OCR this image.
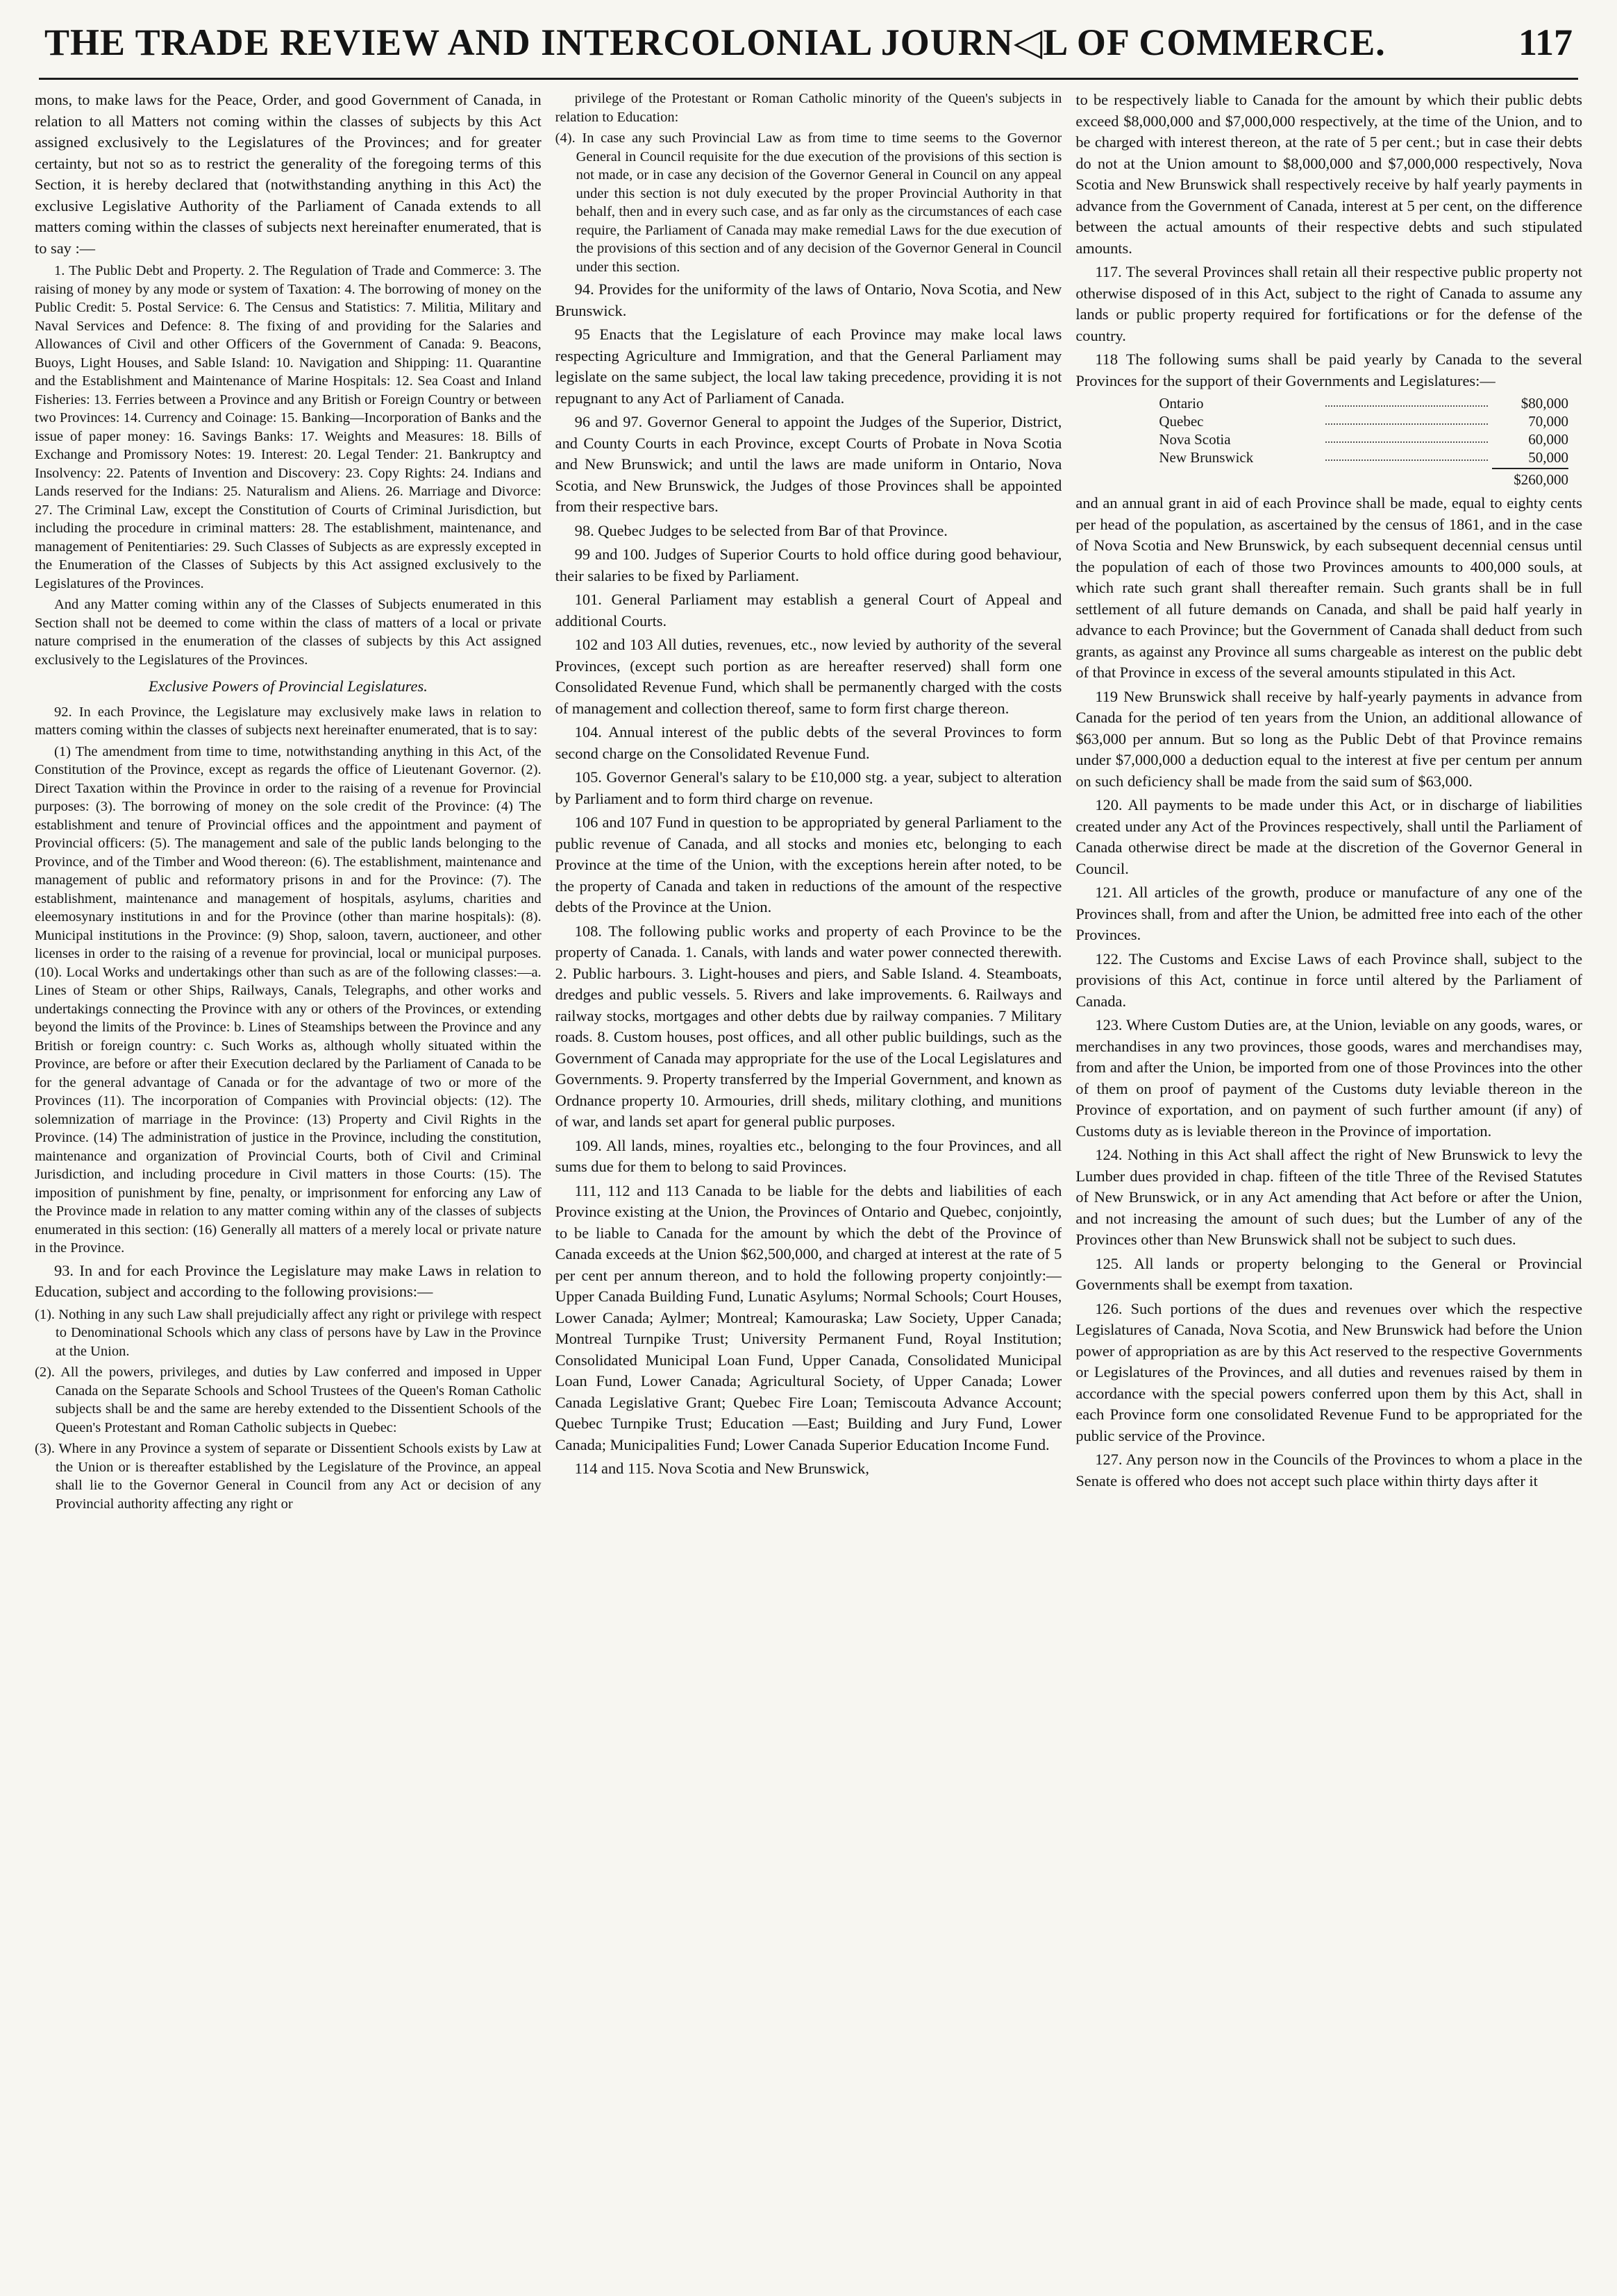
THE TRADE REVIEW AND INTERCOLONIAL JOURN◁L OF COMMERCE.	117

mons, to make laws for the Peace, Order, and good Government of Canada, in relation to all Matters not coming within the classes of subjects by this Act assigned exclusively to the Legislatures of the Provinces; and for greater certainty, but not so as to restrict the generality of the foregoing terms of this Section, it is hereby declared that (notwithstanding anything in this Act) the exclusive Legislative Authority of the Parliament of Canada extends to all matters coming within the classes of subjects next hereinafter enumerated, that is to say :—

1. The Public Debt and Property. 2. The Regulation of Trade and Commerce: 3. The raising of money by any mode or system of Taxation: 4. The borrowing of money on the Public Credit: 5. Postal Service: 6. The Census and Statistics: 7. Militia, Military and Naval Services and Defence: 8. The fixing of and providing for the Salaries and Allowances of Civil and other Officers of the Government of Canada: 9. Beacons, Buoys, Light Houses, and Sable Island: 10. Navigation and Shipping: 11. Quarantine and the Establishment and Maintenance of Marine Hospitals: 12. Sea Coast and Inland Fisheries: 13. Ferries between a Province and any British or Foreign Country or between two Provinces: 14. Currency and Coinage: 15. Banking—Incorporation of Banks and the issue of paper money: 16. Savings Banks: 17. Weights and Measures: 18. Bills of Exchange and Promissory Notes: 19. Interest: 20. Legal Tender: 21. Bankruptcy and Insolvency: 22. Patents of Invention and Discovery: 23. Copy Rights: 24. Indians and Lands reserved for the Indians: 25. Naturalism and Aliens. 26. Marriage and Divorce: 27. The Criminal Law, except the Constitution of Courts of Criminal Jurisdiction, but including the procedure in criminal matters: 28. The establishment, maintenance, and management of Penitentiaries: 29. Such Classes of Subjects as are expressly excepted in the Enumeration of the Classes of Subjects by this Act assigned exclusively to the Legislatures of the Provinces.

And any Matter coming within any of the Classes of Subjects enumerated in this Section shall not be deemed to come within the class of matters of a local or private nature comprised in the enumeration of the classes of subjects by this Act assigned exclusively to the Legislatures of the Provinces.

Exclusive Powers of Provincial Legislatures.

92. In each Province, the Legislature may exclusively make laws in relation to matters coming within the classes of subjects next hereinafter enumerated, that is to say:

(1) The amendment from time to time, notwithstanding anything in this Act, of the Constitution of the Province, except as regards the office of Lieutenant Governor. (2). Direct Taxation within the Province in order to the raising of a revenue for Provincial purposes: (3). The borrowing of money on the sole credit of the Province: (4) The establishment and tenure of Provincial offices and the appointment and payment of Provincial officers: (5). The management and sale of the public lands belonging to the Province, and of the Timber and Wood thereon: (6). The establishment, maintenance and management of public and reformatory prisons in and for the Province: (7). The establishment, maintenance and management of hospitals, asylums, charities and eleemosynary institutions in and for the Province (other than marine hospitals): (8). Municipal institutions in the Province: (9) Shop, saloon, tavern, auctioneer, and other licenses in order to the raising of a revenue for provincial, local or municipal purposes. (10). Local Works and undertakings other than such as are of the following classes:—a. Lines of Steam or other Ships, Railways, Canals, Telegraphs, and other works and undertakings connecting the Province with any or others of the Provinces, or extending beyond the limits of the Province: b. Lines of Steamships between the Province and any British or foreign country: c. Such Works as, although wholly situated within the Province, are before or after their Execution declared by the Parliament of Canada to be for the general advantage of Canada or for the advantage of two or more of the Provinces (11). The incorporation of Companies with Provincial objects: (12). The solemnization of marriage in the Province: (13) Property and Civil Rights in the Province. (14) The administration of justice in the Province, including the constitution, maintenance and organization of Provincial Courts, both of Civil and Criminal Jurisdiction, and including procedure in Civil matters in those Courts: (15). The imposition of punishment by fine, penalty, or imprisonment for enforcing any Law of the Province made in relation to any matter coming within any of the classes of subjects enumerated in this section: (16) Generally all matters of a merely local or private nature in the Province.

93. In and for each Province the Legislature may make Laws in relation to Education, subject and according to the following provisions:—

(1). Nothing in any such Law shall prejudicially affect any right or privilege with respect to Denominational Schools which any class of persons have by Law in the Province at the Union.

(2). All the powers, privileges, and duties by Law conferred and imposed in Upper Canada on the Separate Schools and School Trustees of the Queen's Roman Catholic subjects shall be and the same are hereby extended to the Dissentient Schools of the Queen's Protestant and Roman Catholic subjects in Quebec:

(3). Where in any Province a system of separate or Dissentient Schools exists by Law at the Union or is thereafter established by the Legislature of the Province, an appeal shall lie to the Governor General in Council from any Act or decision of any Provincial authority affecting any right or

privilege of the Protestant or Roman Catholic minority of the Queen's subjects in relation to Education:

(4). In case any such Provincial Law as from time to time seems to the Governor General in Council requisite for the due execution of the provisions of this section is not made, or in case any decision of the Governor General in Council on any appeal under this section is not duly executed by the proper Provincial Authority in that behalf, then and in every such case, and as far only as the circumstances of each case require, the Parliament of Canada may make remedial Laws for the due execution of the provisions of this section and of any decision of the Governor General in Council under this section.

94. Provides for the uniformity of the laws of Ontario, Nova Scotia, and New Brunswick.

95 Enacts that the Legislature of each Province may make local laws respecting Agriculture and Immigration, and that the General Parliament may legislate on the same subject, the local law taking precedence, providing it is not repugnant to any Act of Parliament of Canada.

96 and 97. Governor General to appoint the Judges of the Superior, District, and County Courts in each Province, except Courts of Probate in Nova Scotia and New Brunswick; and until the laws are made uniform in Ontario, Nova Scotia, and New Brunswick, the Judges of those Provinces shall be appointed from their respective bars.

98. Quebec Judges to be selected from Bar of that Province.

99 and 100. Judges of Superior Courts to hold office during good behaviour, their salaries to be fixed by Parliament.

101. General Parliament may establish a general Court of Appeal and additional Courts.

102 and 103 All duties, revenues, etc., now levied by authority of the several Provinces, (except such portion as are hereafter reserved) shall form one Consolidated Revenue Fund, which shall be permanently charged with the costs of management and collection thereof, same to form first charge thereon.

104. Annual interest of the public debts of the several Provinces to form second charge on the Consolidated Revenue Fund.

105. Governor General's salary to be £10,000 stg. a year, subject to alteration by Parliament and to form third charge on revenue.

106 and 107 Fund in question to be appropriated by general Parliament to the public revenue of Canada, and all stocks and monies etc, belonging to each Province at the time of the Union, with the exceptions herein after noted, to be the property of Canada and taken in reductions of the amount of the respective debts of the Province at the Union.

108. The following public works and property of each Province to be the property of Canada. 1. Canals, with lands and water power connected therewith. 2. Public harbours. 3. Light-houses and piers, and Sable Island. 4. Steamboats, dredges and public vessels. 5. Rivers and lake improvements. 6. Railways and railway stocks, mortgages and other debts due by railway companies. 7 Military roads. 8. Custom houses, post offices, and all other public buildings, such as the Government of Canada may appropriate for the use of the Local Legislatures and Governments. 9. Property transferred by the Imperial Government, and known as Ordnance property 10. Armouries, drill sheds, military clothing, and munitions of war, and lands set apart for general public purposes.

109. All lands, mines, royalties etc., belonging to the four Provinces, and all sums due for them to belong to said Provinces.

111, 112 and 113 Canada to be liable for the debts and liabilities of each Province existing at the Union, the Provinces of Ontario and Quebec, conjointly, to be liable to Canada for the amount by which the debt of the Province of Canada exceeds at the Union $62,500,000, and charged at interest at the rate of 5 per cent per annum thereon, and to hold the following property conjointly:—Upper Canada Building Fund, Lunatic Asylums; Normal Schools; Court Houses, Lower Canada; Aylmer; Montreal; Kamouraska; Law Society, Upper Canada; Montreal Turnpike Trust; University Permanent Fund, Royal Institution; Consolidated Municipal Loan Fund, Upper Canada, Consolidated Municipal Loan Fund, Lower Canada; Agricultural Society, of Upper Canada; Lower Canada Legislative Grant; Quebec Fire Loan; Temiscouta Advance Account; Quebec Turnpike Trust; Education —East; Building and Jury Fund, Lower Canada; Municipalities Fund; Lower Canada Superior Education Income Fund.

114 and 115. Nova Scotia and New Brunswick,

to be respectively liable to Canada for the amount by which their public debts exceed $8,000,000 and $7,000,000 respectively, at the time of the Union, and to be charged with interest thereon, at the rate of 5 per cent.; but in case their debts do not at the Union amount to $8,000,000 and $7,000,000 respectively, Nova Scotia and New Brunswick shall respectively receive by half yearly payments in advance from the Government of Canada, interest at 5 per cent, on the difference between the actual amounts of their respective debts and such stipulated amounts.

117. The several Provinces shall retain all their respective public property not otherwise disposed of in this Act, subject to the right of Canada to assume any lands or public property required for fortifications or for the defense of the country.

118 The following sums shall be paid yearly by Canada to the several Provinces for the support of their Governments and Legislatures:—

Ontario	$80,000
Quebec	70,000
Nova Scotia	60,000
New Brunswick	50,000
$260,000

and an annual grant in aid of each Province shall be made, equal to eighty cents per head of the population, as ascertained by the census of 1861, and in the case of Nova Scotia and New Brunswick, by each subsequent decennial census until the population of each of those two Provinces amounts to 400,000 souls, at which rate such grant shall thereafter remain. Such grants shall be in full settlement of all future demands on Canada, and shall be paid half yearly in advance to each Province; but the Government of Canada shall deduct from such grants, as against any Province all sums chargeable as interest on the public debt of that Province in excess of the several amounts stipulated in this Act.

119 New Brunswick shall receive by half-yearly payments in advance from Canada for the period of ten years from the Union, an additional allowance of $63,000 per annum. But so long as the Public Debt of that Province remains under $7,000,000 a deduction equal to the interest at five per centum per annum on such deficiency shall be made from the said sum of $63,000.

120. All payments to be made under this Act, or in discharge of liabilities created under any Act of the Provinces respectively, shall until the Parliament of Canada otherwise direct be made at the discretion of the Governor General in Council.

121. All articles of the growth, produce or manufacture of any one of the Provinces shall, from and after the Union, be admitted free into each of the other Provinces.

122. The Customs and Excise Laws of each Province shall, subject to the provisions of this Act, continue in force until altered by the Parliament of Canada.

123. Where Custom Duties are, at the Union, leviable on any goods, wares, or merchandises in any two provinces, those goods, wares and merchandises may, from and after the Union, be imported from one of those Provinces into the other of them on proof of payment of the Customs duty leviable thereon in the Province of exportation, and on payment of such further amount (if any) of Customs duty as is leviable thereon in the Province of importation.

124. Nothing in this Act shall affect the right of New Brunswick to levy the Lumber dues provided in chap. fifteen of the title Three of the Revised Statutes of New Brunswick, or in any Act amending that Act before or after the Union, and not increasing the amount of such dues; but the Lumber of any of the Provinces other than New Brunswick shall not be subject to such dues.

125. All lands or property belonging to the General or Provincial Governments shall be exempt from taxation.

126. Such portions of the dues and revenues over which the respective Legislatures of Canada, Nova Scotia, and New Brunswick had before the Union power of appropriation as are by this Act reserved to the respective Governments or Legislatures of the Provinces, and all duties and revenues raised by them in accordance with the special powers conferred upon them by this Act, shall in each Province form one consolidated Revenue Fund to be appropriated for the public service of the Province.

127. Any person now in the Councils of the Provinces to whom a place in the Senate is offered who does not accept such place within thirty days after it
